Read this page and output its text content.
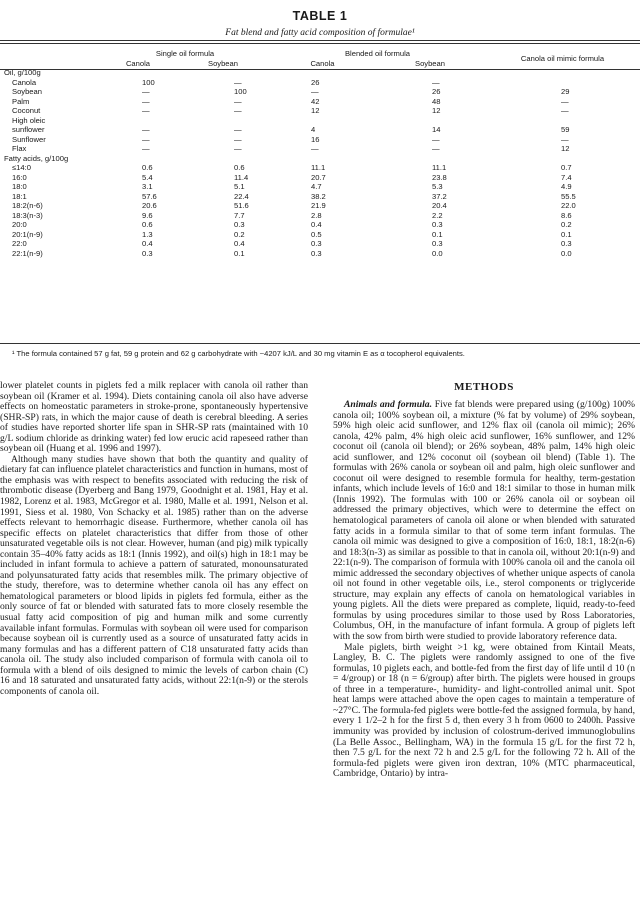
TABLE 1
Fat blend and fatty acid composition of formulae¹
	Single oil formula		Blended oil formula		Canola oil mimic formula
	Canola	Soybean	Canola	Soybean	
Oil, g/100g					
Canola	100	—	26	—	
Soybean	—	100	—	26	29
Palm	—	—	42	48	—
Coconut	—	—	12	12	—
High oleic					
sunflower	—	—	4	14	59
Sunflower	—	—	16	—	—
Flax	—	—	—	—	12
Fatty acids, g/100g					
≤14:0	0.6	0.6	11.1	11.1	0.7
16:0	5.4	11.4	20.7	23.8	7.4
18:0	3.1	5.1	4.7	5.3	4.9
18:1	57.6	22.4	38.2	37.2	55.5
18:2(n-6)	20.6	51.6	21.9	20.4	22.0
18:3(n-3)	9.6	7.7	2.8	2.2	8.6
20:0	0.6	0.3	0.4	0.3	0.2
20:1(n-9)	1.3	0.2	0.5	0.1	0.1
22:0	0.4	0.4	0.3	0.3	0.3
22:1(n-9)	0.3	0.1	0.3	0.0	0.0
¹ The formula contained 57 g fat, 59 g protein and 62 g carbohydrate with ~4207 kJ/L and 30 mg vitamin E as α tocopherol equivalents.

lower platelet counts in piglets fed a milk replacer with canola oil rather than soybean oil (Kramer et al. 1994). Diets containing canola oil also have adverse effects on homeostatic parameters in stroke-prone, spontaneously hypertensive (SHR-SP) rats, in which the major cause of death is cerebral bleeding. A series of studies have reported shorter life span in SHR-SP rats (maintained with 10 g/L sodium chloride as drinking water) fed low erucic acid rapeseed rather than soybean oil (Huang et al. 1996 and 1997).

Although many studies have shown that both the quantity and quality of dietary fat can influence platelet characteristics and function in humans, most of the emphasis was with respect to benefits associated with reducing the risk of thrombotic disease (Dyerberg and Bang 1979, Goodnight et al. 1981, Hay et al. 1982, Lorenz et al. 1983, McGregor et al. 1980, Malle et al. 1991, Nelson et al. 1991, Siess et al. 1980, Von Schacky et al. 1985) rather than on the adverse effects relevant to hemorrhagic disease. Furthermore, whether canola oil has specific effects on platelet characteristics that differ from those of other unsaturated vegetable oils is not clear. However, human (and pig) milk typically contain 35–40% fatty acids as 18:1 (Innis 1992), and oil(s) high in 18:1 may be included in infant formula to achieve a pattern of saturated, monounsaturated and polyunsaturated fatty acids that resembles milk. The primary objective of the study, therefore, was to determine whether canola oil has any effect on hematological parameters or blood lipids in piglets fed formula, either as the only source of fat or blended with saturated fats to more closely resemble the usual fatty acid composition of pig and human milk and some currently available infant formulas. Formulas with soybean oil were used for comparison because soybean oil is currently used as a source of unsaturated fatty acids in many formulas and has a different pattern of C18 unsaturated fatty acids than canola oil. The study also included comparison of formula with canola oil to formula with a blend of oils designed to mimic the levels of carbon chain (C) 16 and 18 saturated and unsaturated fatty acids, without 22:1(n-9) or the sterols components of canola oil.

METHODS

Animals and formula. Five fat blends were prepared using (g/100g) 100% canola oil; 100% soybean oil, a mixture (% fat by volume) of 29% soybean, 59% high oleic acid sunflower, and 12% flax oil (canola oil mimic); 26% canola, 42% palm, 4% high oleic acid sunflower, 16% sunflower, and 12% coconut oil (canola oil blend); or 26% soybean, 48% palm, 14% high oleic acid sunflower, and 12% coconut oil (soybean oil blend) (Table 1). The formulas with 26% canola or soybean oil and palm, high oleic sunflower and coconut oil were designed to resemble formula for healthy, term-gestation infants, which include levels of 16:0 and 18:1 similar to those in human milk (Innis 1992). The formulas with 100 or 26% canola oil or soybean oil addressed the primary objectives, which were to determine the effect on hematological parameters of canola oil alone or when blended with saturated fatty acids in a formula similar to that of some term infant formulas. The canola oil mimic was designed to give a composition of 16:0, 18:1, 18:2(n-6) and 18:3(n-3) as similar as possible to that in canola oil, without 20:1(n-9) and 22:1(n-9). The comparison of formula with 100% canola oil and the canola oil mimic addressed the secondary objectives of whether unique aspects of canola oil not found in other vegetable oils, i.e., sterol components or triglyceride structure, may explain any effects of canola on hematological variables in young piglets. All the diets were prepared as complete, liquid, ready-to-feed formulas by using procedures similar to those used by Ross Laboratories, Columbus, OH, in the manufacture of infant formula. A group of piglets left with the sow from birth were studied to provide laboratory reference data.

Male piglets, birth weight >1 kg, were obtained from Kintail Meats, Langley, B. C. The piglets were randomly assigned to one of the five formulas, 10 piglets each, and bottle-fed from the first day of life until d 10 (n = 4/group) or 18 (n = 6/group) after birth. The piglets were housed in groups of three in a temperature-, humidity- and light-controlled animal unit. Spot heat lamps were attached above the open cages to maintain a temperature of ~27°C. The formula-fed piglets were bottle-fed the assigned formula, by hand, every 1 1/2–2 h for the first 5 d, then every 3 h from 0600 to 2400h. Passive immunity was provided by inclusion of colostrum-derived immunoglobulins (La Belle Assoc., Bellingham, WA) in the formula 15 g/L for the first 72 h, then 7.5 g/L for the next 72 h and 2.5 g/L for the following 72 h. All of the formula-fed piglets were given iron dextran, 10% (MTC pharmaceutical, Cambridge, Ontario) by intra-
